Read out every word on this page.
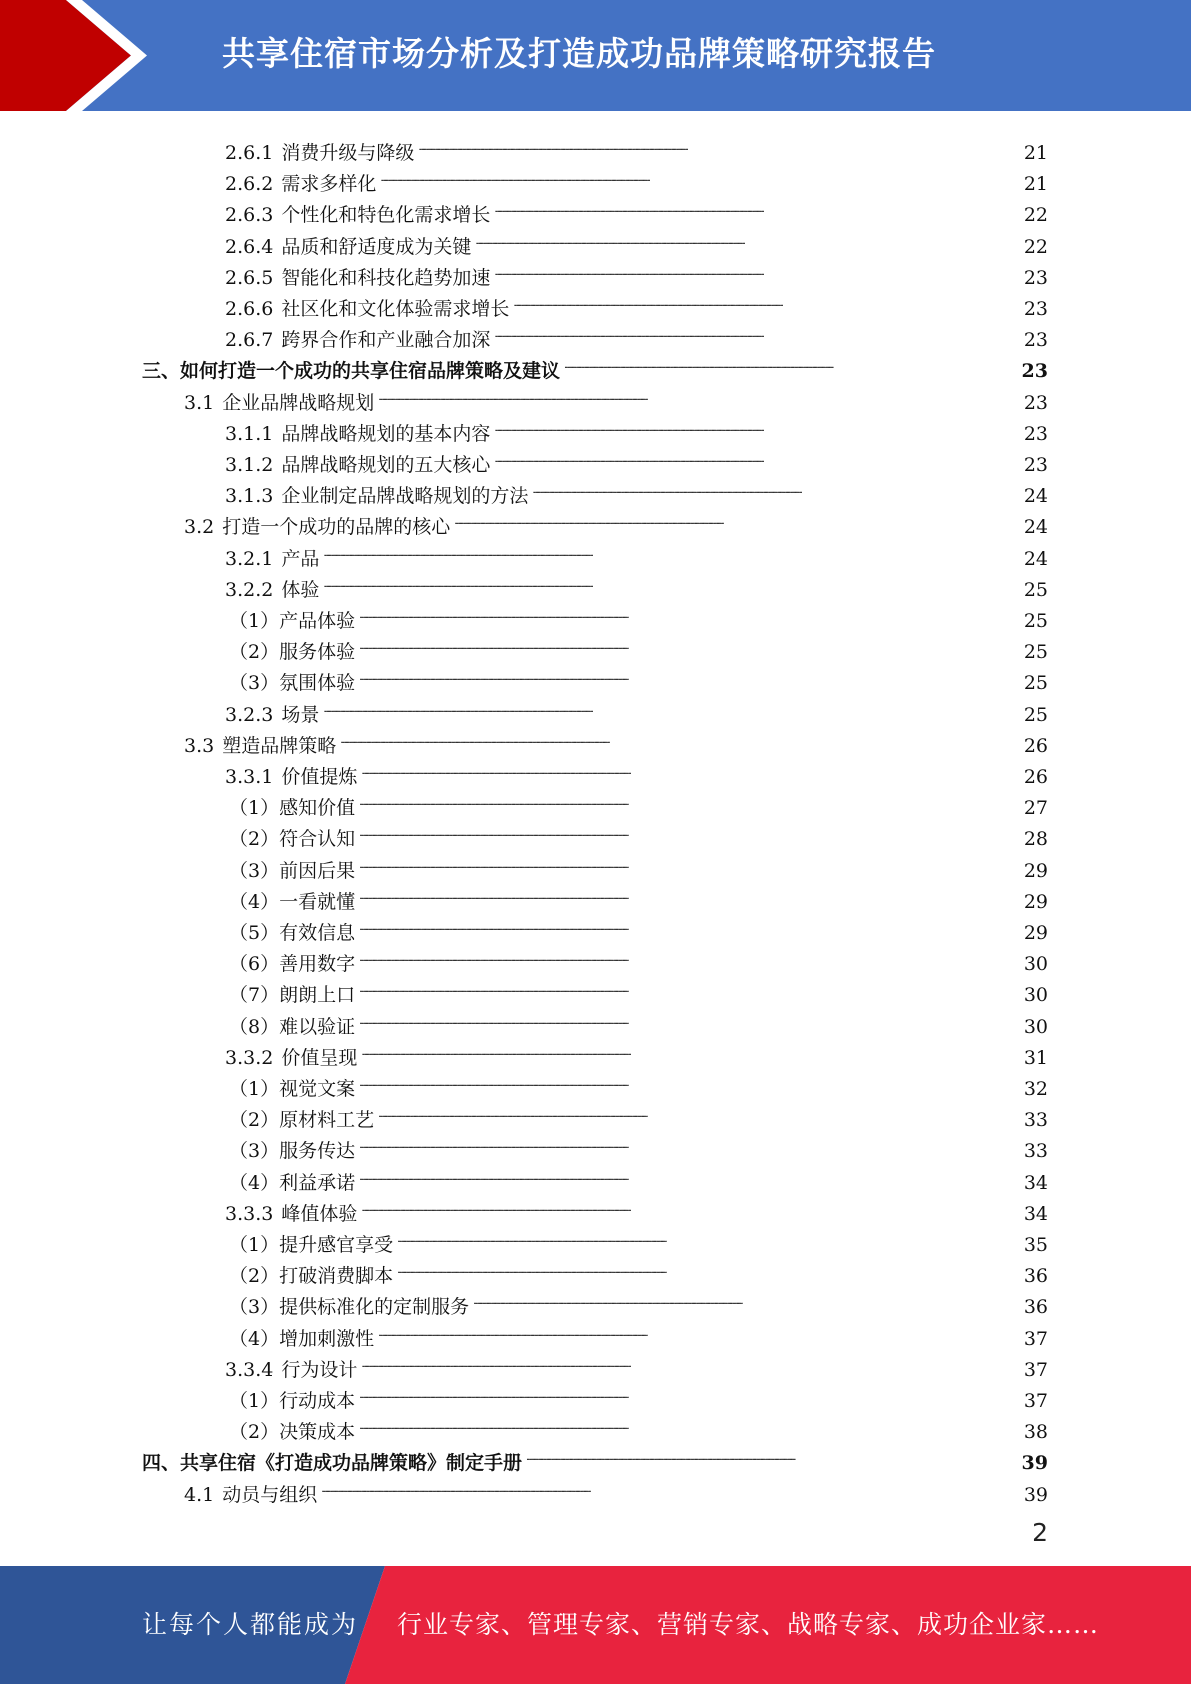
共享住宿市场分析及打造成功品牌策略研究报告
2.6.1 消费升级与降级 . . .	21
2.6.2 需求多样化 . . .	21
2.6.3 个性化和特色化需求增长 . . .	22
2.6.4 品质和舒适度成为关键 . . .	22
2.6.5 智能化和科技化趋势加速 . . .	23
2.6.6 社区化和文化体验需求增长 . . .	23
2.6.7 跨界合作和产业融合加深 . . .	23
三、如何打造一个成功的共享住宿品牌策略及建议 . . .	23
3.1 企业品牌战略规划 . . .	23
3.1.1 品牌战略规划的基本内容 . . .	23
3.1.2 品牌战略规划的五大核心 . . .	23
3.1.3 企业制定品牌战略规划的方法 . . .	24
3.2 打造一个成功的品牌的核心 . . .	24
3.2.1 产品 . . .	24
3.2.2 体验 . . .	25
（1）产品体验 . . .	25
（2）服务体验 . . .	25
（3）氛围体验 . . .	25
3.2.3 场景 . . .	25
3.3 塑造品牌策略 . . .	26
3.3.1 价值提炼 . . .	26
（1）感知价值 . . .	27
（2）符合认知 . . .	28
（3）前因后果 . . .	29
（4）一看就懂 . . .	29
（5）有效信息 . . .	29
（6）善用数字 . . .	30
（7）朗朗上口 . . .	30
（8）难以验证 . . .	30
3.3.2 价值呈现 . . .	31
（1）视觉文案 . . .	32
（2）原材料工艺 . . .	33
（3）服务传达 . . .	33
（4）利益承诺 . . .	34
3.3.3 峰值体验 . . .	34
（1）提升感官享受 . . .	35
（2）打破消费脚本 . . .	36
（3）提供标准化的定制服务 . . .	36
（4）增加刺激性 . . .	37
3.3.4 行为设计 . . .	37
（1）行动成本 . . .	37
（2）决策成本 . . .	38
四、共享住宿《打造成功品牌策略》制定手册 . . .	39
4.1 动员与组织 . . .	39
2
让每个人都能成为 行业专家、管理专家、营销专家、战略专家、成功企业家……
